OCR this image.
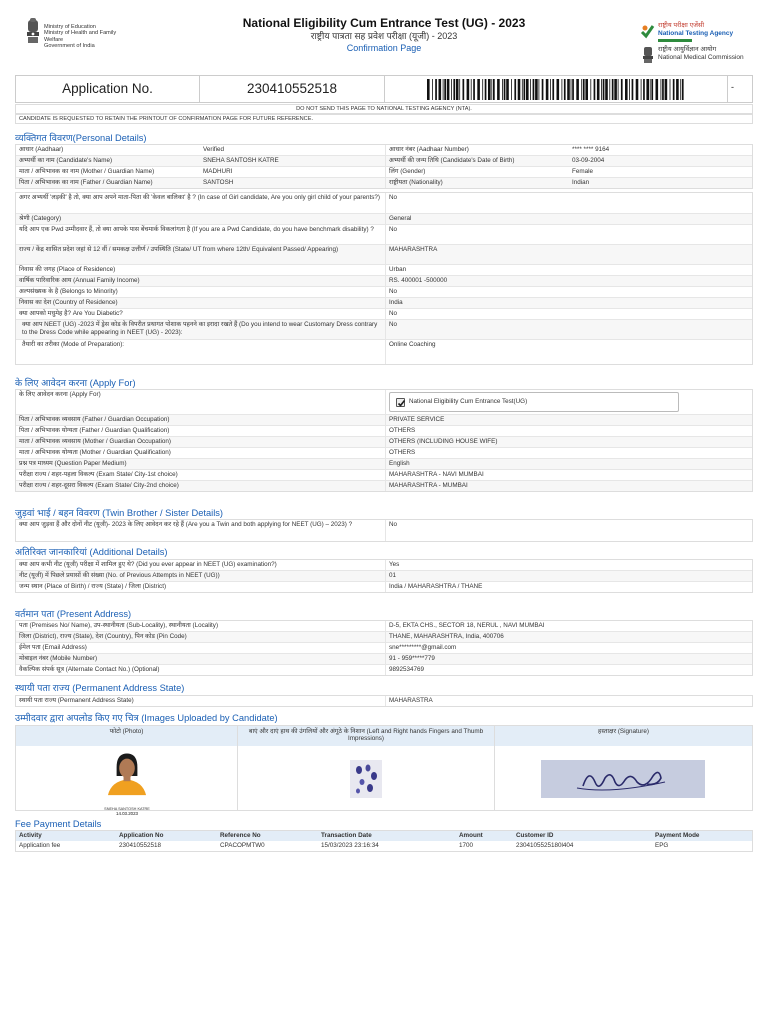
Ministry of Education
Ministry of Health and Family Welfare
Government of India
National Eligibility Cum Entrance Test (UG) - 2023
राष्ट्रीय पात्रता सह प्रवेश परीक्षा (यूजी) - 2023
Confirmation Page
राष्ट्रीय परीक्षा एजेंसी
National Testing Agency
राष्ट्रीय आयुर्विज्ञान आयोग
National Medical Commission
Application No.	230410552518	-
DO NOT SEND THIS PAGE TO NATIONAL TESTING AGENCY (NTA).
CANDIDATE IS REQUESTED TO RETAIN THE PRINTOUT OF CONFIRMATION PAGE FOR FUTURE REFERENCE.
व्यक्तिगत विवरण(Personal Details)
आधार (Aadhaar)	Verified	आधार नंबर (Aadhaar Number)	**** **** 9164
अभ्यर्थी का नाम (Candidate's Name)	SNEHA SANTOSH KATRE	अभ्यर्थी की जन्म तिथि (Candidate's Date of Birth)	03-09-2004
माता / अभिभावक का नाम (Mother / Guardian Name)	MADHURI	लिंग (Gender)	Female
पिता / अभिभावक का नाम (Father / Guardian Name)	SANTOSH	राष्ट्रीयता (Nationality)	Indian
अगर अभ्यर्थी 'लड़की' है तो, क्या आप अपने माता-पिता की 'केवल बालिका' है ? (In case of Girl candidate, Are you only girl child of your parents?)	No
श्रेणी (Category)	General
यदि आप एक Pwd उम्मीदवार हैं, तो क्या आपके पास बेंचमार्क विकलांगता है (If you are a Pwd Candidate, do you have benchmark disability) ?	No
राज्य / केंद्र शासित प्रदेश जहां से 12 वीं / समकक्ष उत्तीर्ण / उपस्थिति (State/ UT from where 12th/ Equivalent Passed/ Appearing)	MAHARASHTRA
निवास की जगह (Place of Residence)	Urban
वार्षिक पारिवारिक आय (Annual Family Income)	RS. 400001 -500000
अल्पसंख्यक के है (Belongs to Minority)	No
निवास का देश (Country of Residence)	India
क्या आपको मधुमेह है? Are You Diabetic?	No
क्या आप NEET (UG) -2023 में ड्रेस कोड के विपरीत प्रथागत पोशाक पहनने का इरादा रखते हैं (Do you intend to wear Customary Dress contrary to the Dress Code while appearing in NEET (UG) - 2023):
No
तैयारी का तरीका (Mode of Preparation):	Online Coaching
के लिए आवेदन करना (Apply For)
के लिए आवेदन करना (Apply For)
National Eligibility Cum Entrance Test(UG)
पिता / अभिभावक व्यवसाय (Father / Guardian Occupation)	PRIVATE SERVICE
पिता / अभिभावक योग्यता (Father / Guardian Qualification)	OTHERS
माता / अभिभावक व्यवसाय (Mother / Guardian Occupation)	OTHERS (INCLUDING HOUSE WIFE)
माता / अभिभावक योग्यता (Mother / Guardian Qualification)	OTHERS
प्रश्न पत्र माध्यम (Question Paper Medium)	English
परीक्षा राज्य / शहर-पहला विकल्प (Exam State/ City-1st choice)	MAHARASHTRA - NAVI MUMBAI
परीक्षा राज्य / शहर-दूसरा विकल्प (Exam State/ City-2nd choice)	MAHARASHTRA - MUMBAI
जुड़वां भाई / बहन विवरण (Twin Brother / Sister Details)
क्या आप जुड़वा हैं और दोनों नीट (यूजी)- 2023 के लिए आवेदन कर रहे हैं (Are you a Twin and both applying for NEET (UG) – 2023) ?	No
अतिरिक्त जानकारियां (Additional Details)
क्या आप कभी नीट (यूजी) परीक्षा में शामिल हुए थे? (Did you ever appear in NEET (UG) examination?)	Yes
नीट (यूजी) में पिछले प्रयासों की संख्या (No. of Previous Attempts in NEET (UG))	01
जन्म स्थान (Place of Birth) / राज्य (State) / जिला (District)	India / MAHARASHTRA / THANE
वर्तमान पता (Present Address)
पता (Premises No/ Name), उप-स्थानीयता (Sub-Locality), स्थानीयता (Locality)	D-5, EKTA CHS., SECTOR 18, NERUL , NAVI MUMBAI
जिला (District), राज्य (State), देश (Country), पिन कोड (Pin Code)	THANE, MAHARASHTRA, India, 400706
ईमेल पता (Email Address)	sne*********@gmail.com
मोबाइल नंबर (Mobile Number)	91 - 959*****779
वैकल्पिक संपर्क सूत्र (Alternate Contact No.) (Optional)	9892534769
स्थायी पता राज्य (Permanent Address State)
स्थायी पता राज्य (Permanent Address State)	MAHARASTRA
उम्मीदवार द्वारा अपलोड किए गए चित्र (Images Uploaded by Candidate)
फोटो (Photo)
SNEHA SANTOSH KATRE
14.03.2023
बाएं और दाएं हाथ की उंगलियों और अंगूठे के निशान (Left and Right hands Fingers and Thumb Impressions)
हस्ताक्षर (Signature)
Fee Payment Details
Activity	Application No	Reference No	Transaction Date	Amount	Customer ID	Payment Mode
Application fee	230410552518	CPACOPMTW0	15/03/2023 23:16:34	1700	2304105525180l404	EPG
